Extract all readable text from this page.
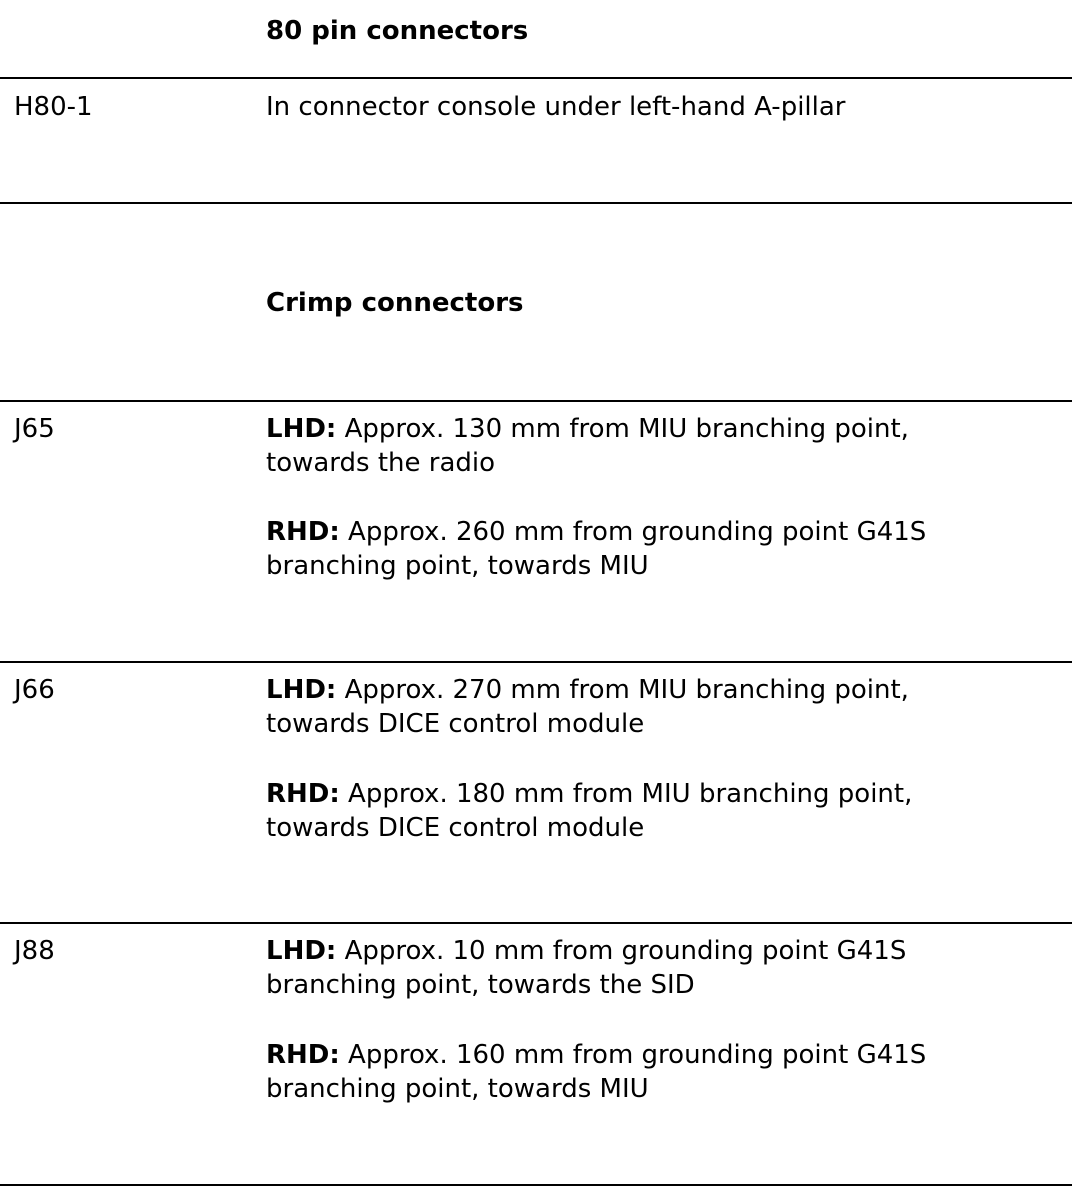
80 pin connectors
H80-1	In connector console under left-hand A-pillar
Crimp connectors
J65	LHD: Approx. 130 mm from MIU branching point,
towards the radio
RHD: Approx. 260 mm from grounding point G41S
branching point, towards MIU
J66	LHD: Approx. 270 mm from MIU branching point,
towards DICE control module
RHD: Approx. 180 mm from MIU branching point,
towards DICE control module
J88	LHD: Approx. 10 mm from grounding point G41S
branching point, towards the SID
RHD: Approx. 160 mm from grounding point G41S
branching point, towards MIU
